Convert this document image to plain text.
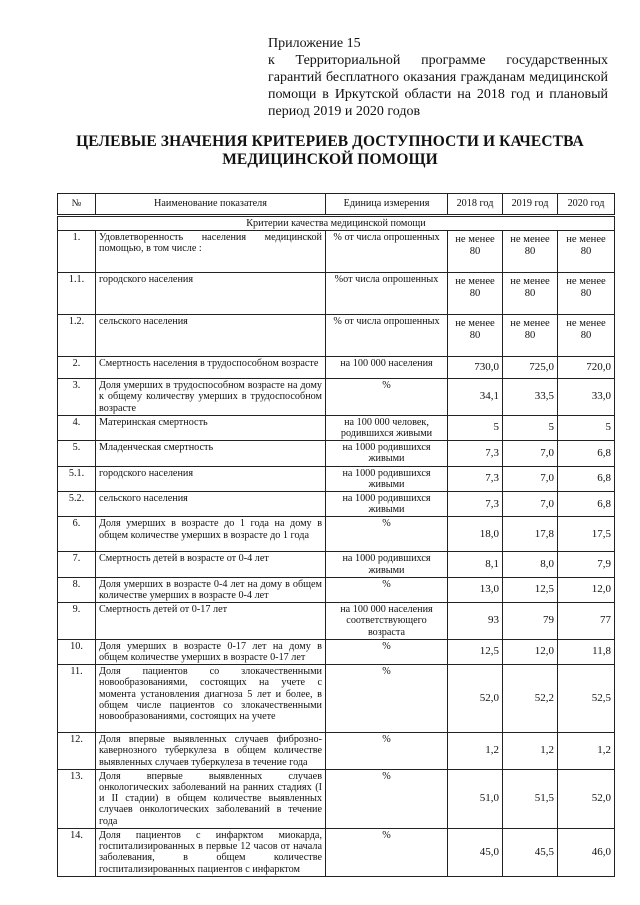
Приложение 15
к Территориальной программе государственных гарантий бесплатного оказания гражданам медицинской помощи в Иркутской области на 2018 год и плановый период 2019 и 2020 годов
ЦЕЛЕВЫЕ ЗНАЧЕНИЯ КРИТЕРИЕВ ДОСТУПНОСТИ И КАЧЕСТВА МЕДИЦИНСКОЙ ПОМОЩИ
№	Наименование показателя	Единица измерения	2018 год	2019 год	2020 год
Критерии качества медицинской помощи					
1.	Удовлетворенность населения медицинской помощью, в том числе :	% от числа опрошенных	не менее 80	не менее 80	не менее 80
1.1.	городского населения	%от числа опрошенных	не менее 80	не менее 80	не менее 80
1.2.	сельского населения	% от числа опрошенных	не менее 80	не менее 80	не менее 80
2.	Смертность населения в трудоспособном возрасте	на 100 000 населения	730,0	725,0	720,0
3.	Доля умерших в трудоспособном возрасте на дому к общему количеству умерших в трудоспособном возрасте	%	34,1	33,5	33,0
4.	Материнская смертность	на 100 000 человек, родившихся живыми	5	5	5
5.	Младенческая смертность	на 1000 родившихся живыми	7,3	7,0	6,8
5.1.	городского населения	на 1000 родившихся живыми	7,3	7,0	6,8
5.2.	сельского населения	на 1000 родившихся живыми	7,3	7,0	6,8
6.	Доля умерших в возрасте до 1 года на дому в общем количестве умерших в возрасте до 1 года	%	18,0	17,8	17,5
7.	Смертность детей в возрасте от 0-4 лет	на 1000 родившихся живыми	8,1	8,0	7,9
8.	Доля умерших в возрасте 0-4 лет на дому в общем количестве умерших в возрасте 0-4 лет	%	13,0	12,5	12,0
9.	Смертность детей от 0-17 лет	на 100 000 населения соответствующего возраста	93	79	77
10.	Доля умерших в возрасте 0-17 лет на дому в общем количестве умерших в возрасте 0-17 лет	%	12,5	12,0	11,8
11.	Доля пациентов со злокачественными новообразованиями, состоящих на учете с момента установления диагноза 5 лет и более, в общем числе пациентов со злокачественными новообразованиями, состоящих на учете	%	52,0	52,2	52,5
12.	Доля впервые выявленных случаев фиброзно-кавернозного туберкулеза в общем количестве выявленных случаев туберкулеза в течение года	%	1,2	1,2	1,2
13.	Доля впервые выявленных случаев онкологических заболеваний на ранних стадиях (I и II стадии) в общем количестве выявленных случаев онкологических заболеваний в течение года	%	51,0	51,5	52,0
14.	Доля пациентов с инфарктом миокарда, госпитализированных в первые 12 часов от начала заболевания, в общем количестве госпитализированных пациентов с инфарктом	%	45,0	45,5	46,0
